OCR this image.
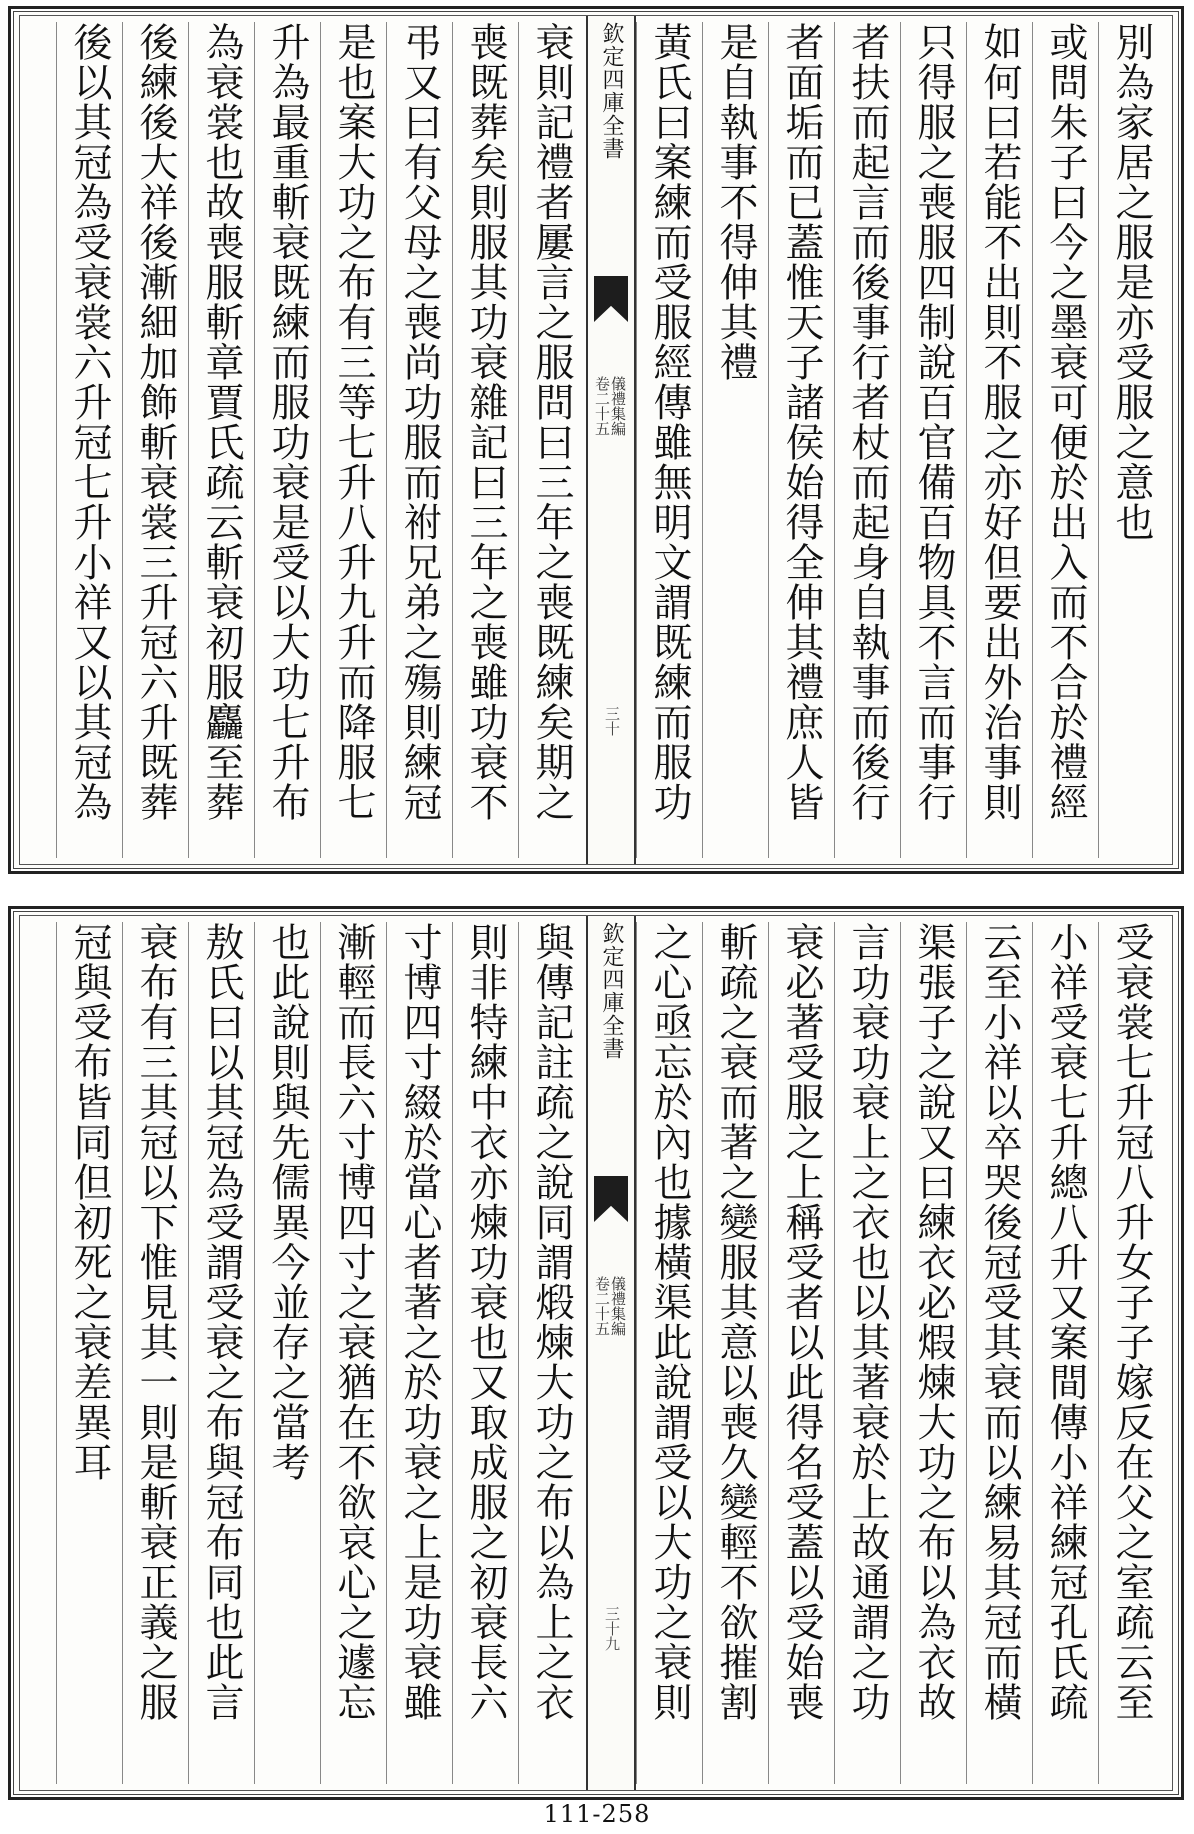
別為家居之服是亦受服之意也
或問朱子曰今之墨衰可便於出入而不合於禮經
如何曰若能不出則不服之亦好但要出外治事則
只得服之喪服四制說百官備百物具不言而事行
者扶而起言而後事行者杖而起身自執事而後行
者面垢而已蓋惟天子諸侯始得全伸其禮庶人皆
是自執事不得伸其禮
黃氏曰案練而受服經傳雖無明文謂既練而服功
欽定四庫全書
儀禮集編
卷二十五
三十
衰則記禮者屢言之服問曰三年之喪既練矣期之
喪既葬矣則服其功衰雜記曰三年之喪雖功衰不
弔又曰有父母之喪尚功服而祔兄弟之殤則練冠
是也案大功之布有三等七升八升九升而降服七
升為最重斬衰既練而服功衰是受以大功七升布
為衰裳也故喪服斬章賈氏疏云斬衰初服麤至葬
後練後大祥後漸細加飾斬衰裳三升冠六升既葬
後以其冠為受衰裳六升冠七升小祥又以其冠為
受衰裳七升冠八升女子子嫁反在父之室疏云至
小祥受衰七升總八升又案間傳小祥練冠孔氏疏
云至小祥以卒哭後冠受其衰而以練易其冠而橫
渠張子之說又曰練衣必煆煉大功之布以為衣故
言功衰功衰上之衣也以其著衰於上故通謂之功
衰必著受服之上稱受者以此得名受蓋以受始喪
斬疏之衰而著之變服其意以喪久變輕不欲摧割
之心亟忘於內也據橫渠此說謂受以大功之衰則
欽定四庫全書
儀禮集編
卷二十五
三十九
與傳記註疏之說同謂煅煉大功之布以為上之衣
則非特練中衣亦煉功衰也又取成服之初衰長六
寸博四寸綴於當心者著之於功衰之上是功衰雖
漸輕而長六寸博四寸之衰猶在不欲哀心之遽忘
也此說則與先儒異今並存之當考
敖氏曰以其冠為受謂受衰之布與冠布同也此言
衰布有三其冠以下惟見其一則是斬衰正義之服
冠與受布皆同但初死之衰差異耳
111-258
